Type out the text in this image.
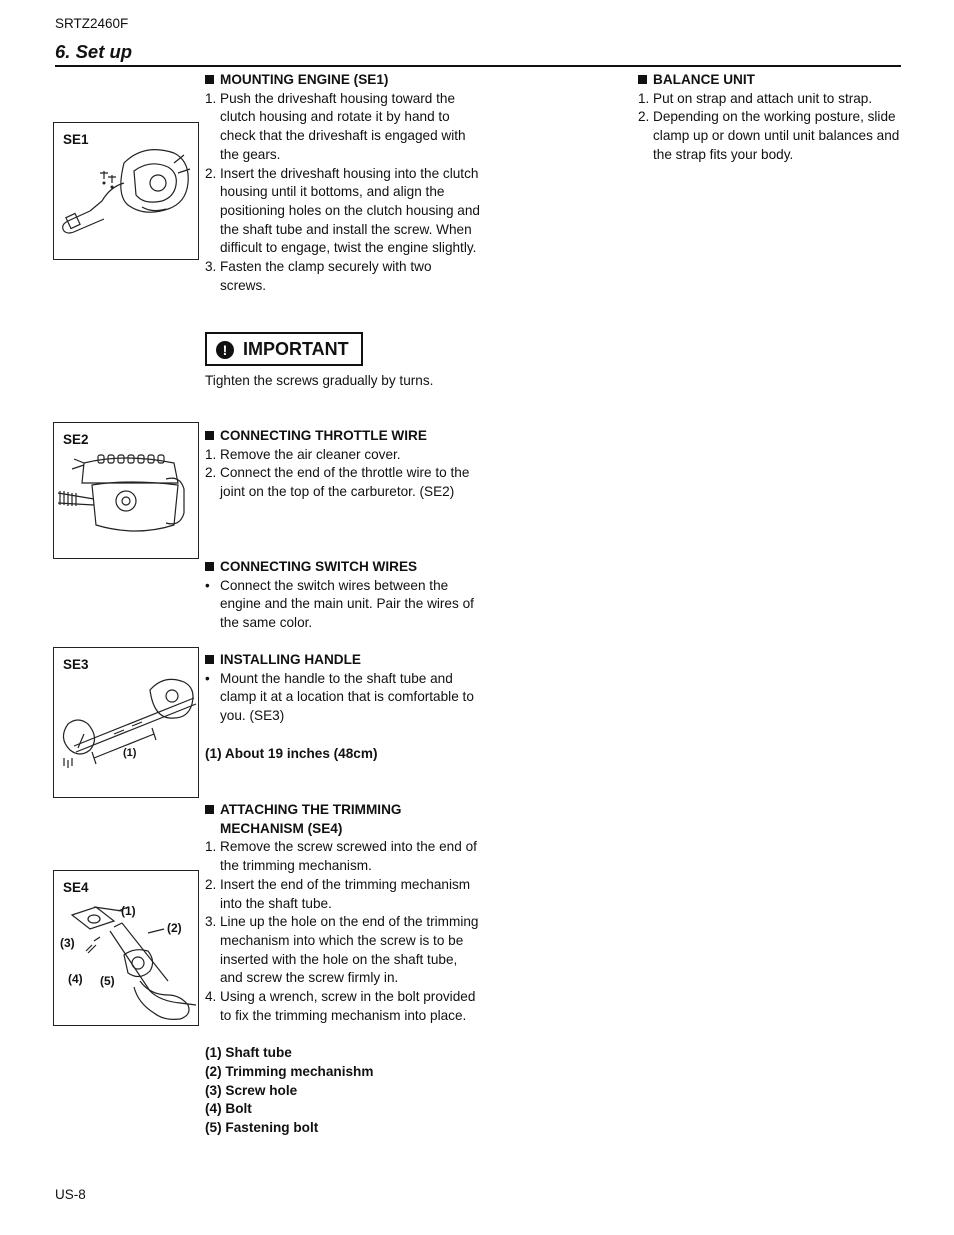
SRTZ2460F
6. Set up
SE1
MOUNTING ENGINE (SE1)
1. Push the driveshaft housing toward the clutch housing and rotate it by hand to check that the driveshaft is engaged with the gears.
2. Insert the driveshaft housing into the clutch housing until it bottoms, and align the positioning holes on the clutch housing and the shaft tube and install the screw. When difficult to engage, twist the engine slightly.
3. Fasten the clamp securely with two screws.
! IMPORTANT
Tighten the screws gradually by turns.
SE2	CONNECTING THROTTLE WIRE
1. Remove the air cleaner cover.
2. Connect the end of the throttle wire to the joint on the top of the carburetor. (SE2)
CONNECTING SWITCH WIRES
• Connect the switch wires between the engine and the main unit. Pair the wires of the same color.
SE3
(1)
INSTALLING HANDLE
• Mount the handle to the shaft tube and clamp it at a location that is comfortable to you. (SE3)
(1) About 19 inches (48cm)
SE4
(1)
(2)
(3)
(4) (5)
ATTACHING THE TRIMMING
MECHANISM (SE4)
1. Remove the screw screwed into the end of the trimming mechanism.
2. Insert the end of the trimming mechanism into the shaft tube.
3. Line up the hole on the end of the trimming mechanism into which the screw is to be inserted with the hole on the shaft tube, and screw the screw firmly in.
4. Using a wrench, screw in the bolt provided to fix the trimming mechanism into place.
(1) Shaft tube
(2) Trimming mechanishm
(3) Screw hole
(4) Bolt
(5) Fastening bolt
BALANCE UNIT
1. Put on strap and attach unit to strap.
2. Depending on the working posture, slide clamp up or down until unit balances and the strap fits your body.
US-8
